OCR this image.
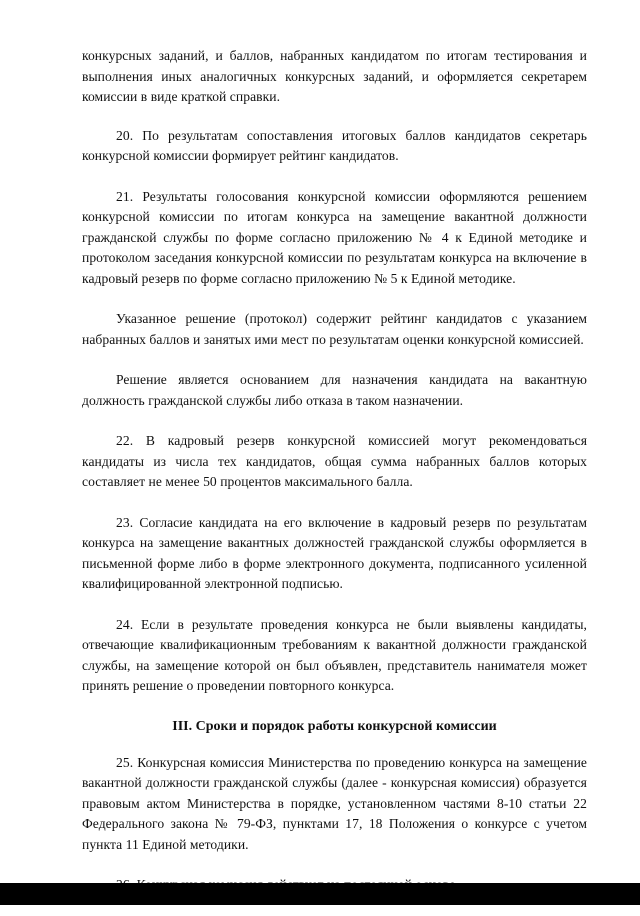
конкурсных заданий, и баллов, набранных кандидатом по итогам тестирования и выполнения иных аналогичных конкурсных заданий, и оформляется секретарем комиссии в виде краткой справки.

20. По результатам сопоставления итоговых баллов кандидатов секретарь конкурсной комиссии формирует рейтинг кандидатов.

21. Результаты голосования конкурсной комиссии оформляются решением конкурсной комиссии по итогам конкурса на замещение вакантной должности гражданской службы по форме согласно приложению № 4 к Единой методике и протоколом заседания конкурсной комиссии по результатам конкурса на включение в кадровый резерв по форме согласно приложению № 5 к Единой методике.

Указанное решение (протокол) содержит рейтинг кандидатов с указанием набранных баллов и занятых ими мест по результатам оценки конкурсной комиссией.

Решение является основанием для назначения кандидата на вакантную должность гражданской службы либо отказа в таком назначении.

22. В кадровый резерв конкурсной комиссией могут рекомендоваться кандидаты из числа тех кандидатов, общая сумма набранных баллов которых составляет не менее 50 процентов максимального балла.

23. Согласие кандидата на его включение в кадровый резерв по результатам конкурса на замещение вакантных должностей гражданской службы оформляется в письменной форме либо в форме электронного документа, подписанного усиленной квалифицированной электронной подписью.

24. Если в результате проведения конкурса не были выявлены кандидаты, отвечающие квалификационным требованиям к вакантной должности гражданской службы, на замещение которой он был объявлен, представитель нанимателя может принять решение о проведении повторного конкурса.

III. Сроки и порядок работы конкурсной комиссии

25. Конкурсная комиссия Министерства по проведению конкурса на замещение вакантной должности гражданской службы (далее - конкурсная комиссия) образуется правовым актом Министерства в порядке, установленном частями 8-10 статьи 22 Федерального закона № 79-ФЗ, пунктами 17, 18 Положения о конкурсе с учетом пункта 11 Единой методики.
